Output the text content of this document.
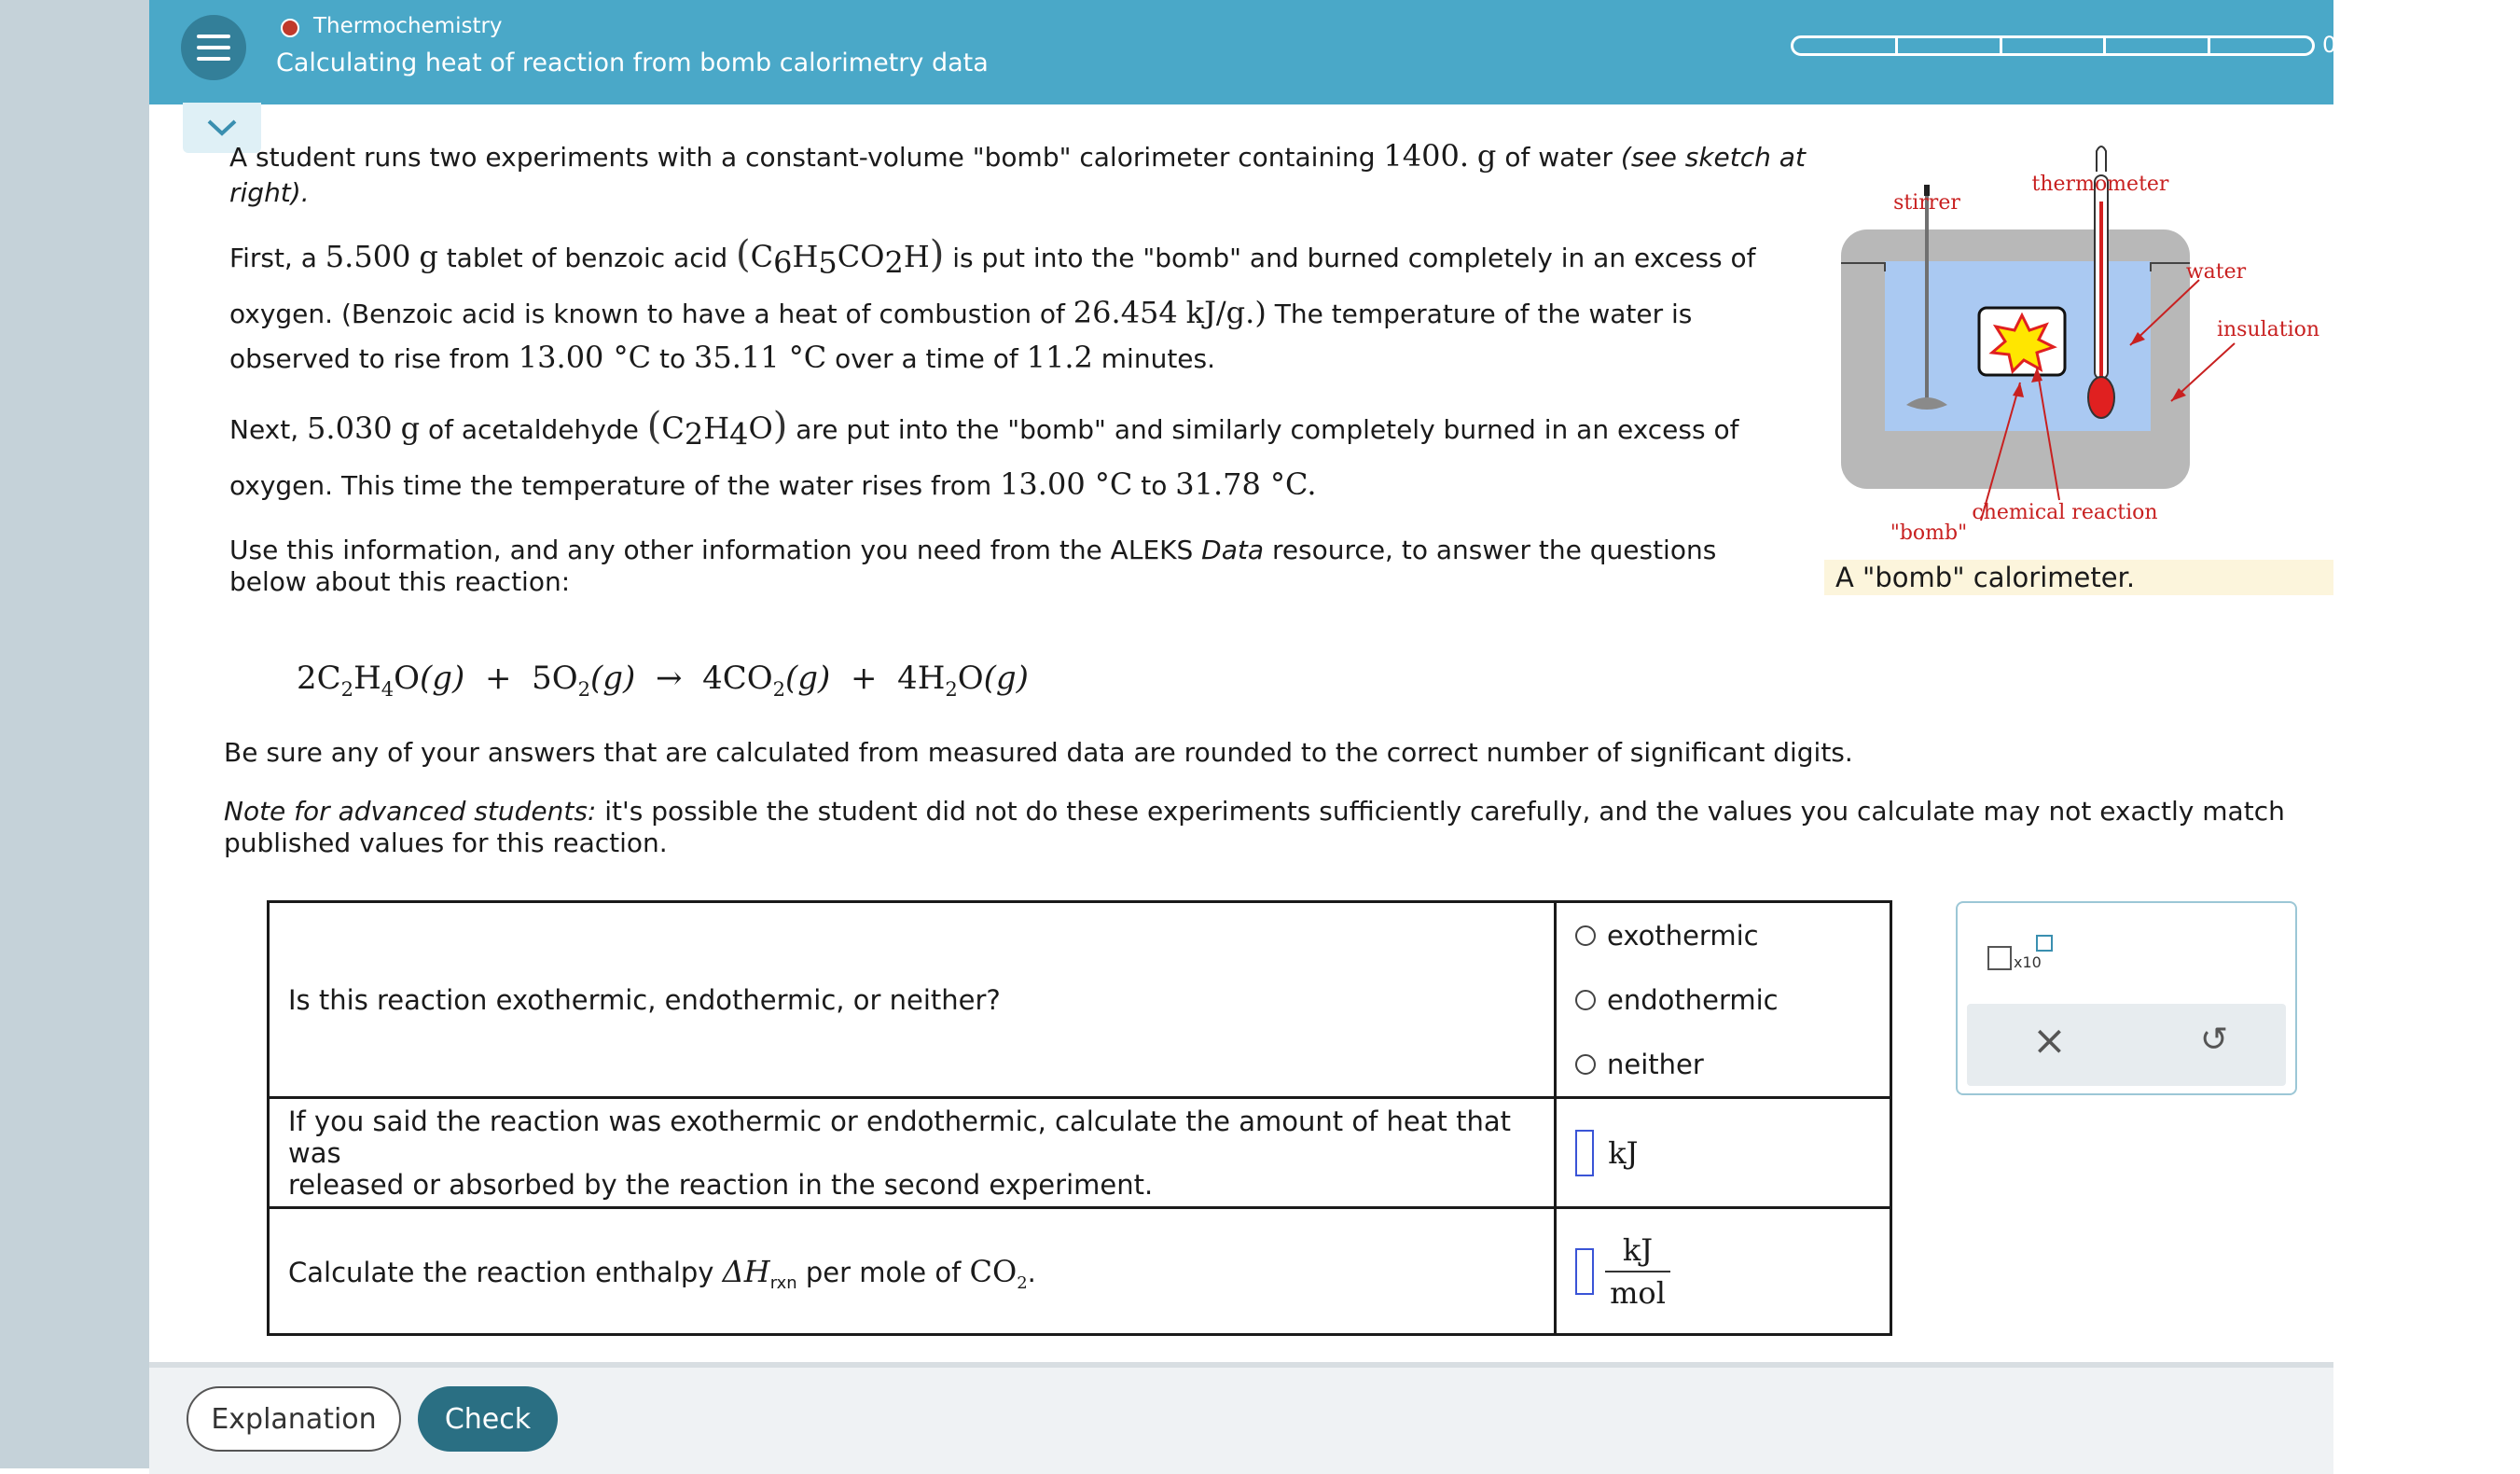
Thermochemistry
Calculating heat of reaction from bomb calorimetry data
0/5
A student runs two experiments with a constant-volume "bomb" calorimeter containing 1400. g of water (see sketch at
right).
First, a 5.500 g tablet of benzoic acid $(C_6H_5CO_2H)$ is put into the "bomb" and burned completely in an excess of
oxygen. (Benzoic acid is known to have a heat of combustion of 26.454 kJ/g.) The temperature of the water is
observed to rise from 13.00 °C to 35.11 °C over a time of 11.2 minutes.
Next, 5.030 g of acetaldehyde $(C_2H_4O)$ are put into the "bomb" and similarly completely burned in an excess of
oxygen. This time the temperature of the water rises from 13.00 °C to 31.78 °C.
Use this information, and any other information you need from the ALEKS Data resource, to answer the questions
below about this reaction:
$2C_2H_4O(g) + 5O_2(g) \to 4CO_2(g) + 4H_2O(g)$
Be sure any of your answers that are calculated from measured data are rounded to the correct number of significant digits.
Note for advanced students: it's possible the student did not do these experiments sufficiently carefully, and the values you calculate may not exactly match
published values for this reaction.
stirrer
thermometer
water
insulation
"bomb"
chemical reaction
A "bomb" calorimeter.
Is this reaction exothermic, endothermic, or neither?	exothermic
endothermic
neither

If you said the reaction was exothermic or endothermic, calculate the amount of heat that was
released or absorbed by the reaction in the second experiment.	kJ
Calculate the reaction enthalpy $\Delta H_{rxn}$ per mole of $CO_2$.	kJ
mol
x10
×	↺
Explanation	Check
